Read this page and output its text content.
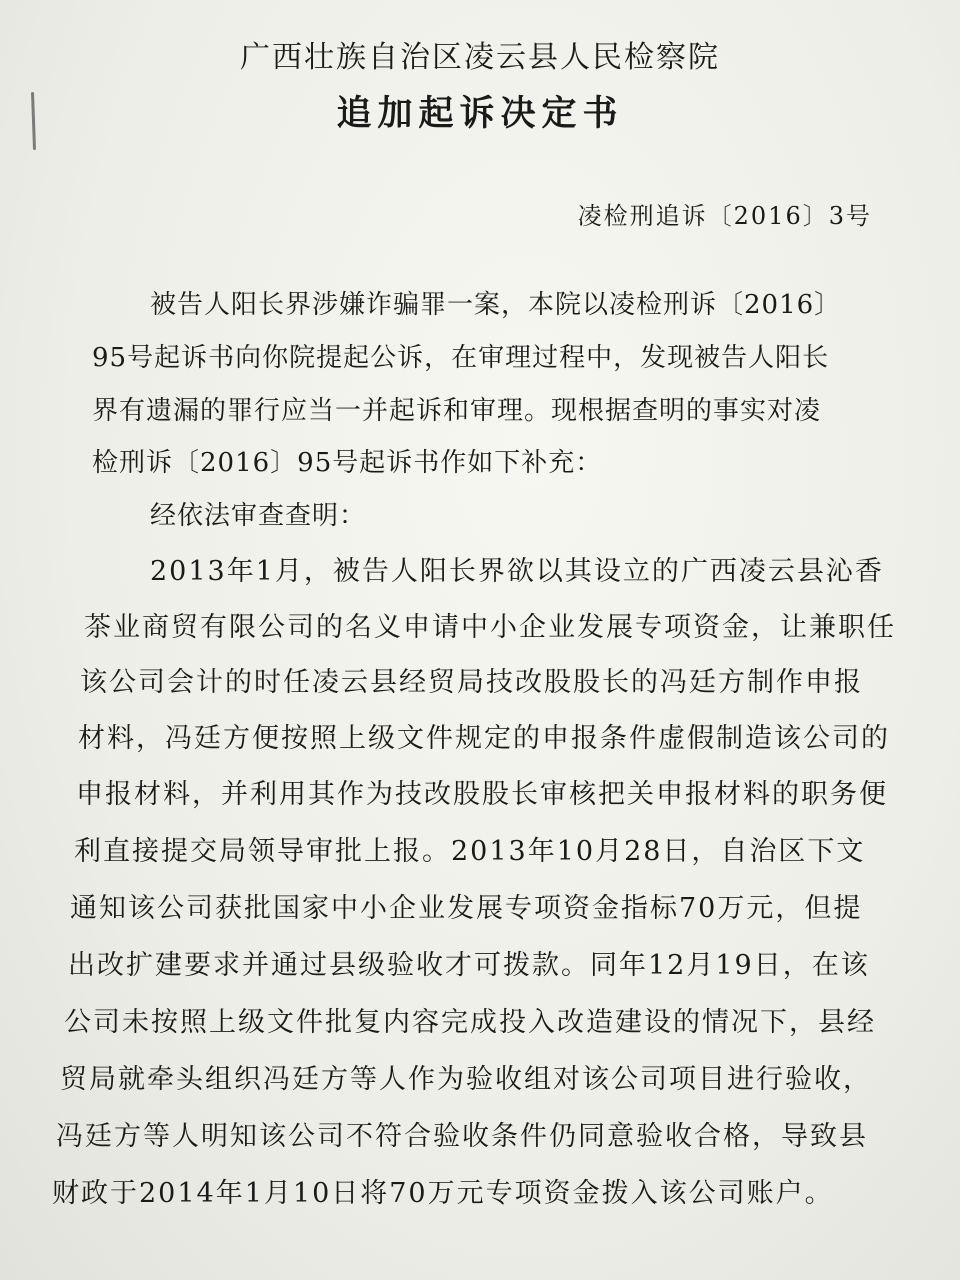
广西壮族自治区凌云县人民检察院
追加起诉决定书
凌检刑追诉〔2016〕3号
被告人阳长界涉嫌诈骗罪一案，本院以凌检刑诉〔2016〕
95号起诉书向你院提起公诉，在审理过程中，发现被告人阳长
界有遗漏的罪行应当一并起诉和审理。现根据查明的事实对凌
检刑诉〔2016〕95号起诉书作如下补充：
经依法审查查明：
2013年1月，被告人阳长界欲以其设立的广西凌云县沁香
茶业商贸有限公司的名义申请中小企业发展专项资金，让兼职任
该公司会计的时任凌云县经贸局技改股股长的冯廷方制作申报
材料，冯廷方便按照上级文件规定的申报条件虚假制造该公司的
申报材料，并利用其作为技改股股长审核把关申报材料的职务便
利直接提交局领导审批上报。2013年10月28日，自治区下文
通知该公司获批国家中小企业发展专项资金指标70万元，但提
出改扩建要求并通过县级验收才可拨款。同年12月19日，在该
公司未按照上级文件批复内容完成投入改造建设的情况下，县经
贸局就牵头组织冯廷方等人作为验收组对该公司项目进行验收，
冯廷方等人明知该公司不符合验收条件仍同意验收合格，导致县
财政于2014年1月10日将70万元专项资金拨入该公司账户。
